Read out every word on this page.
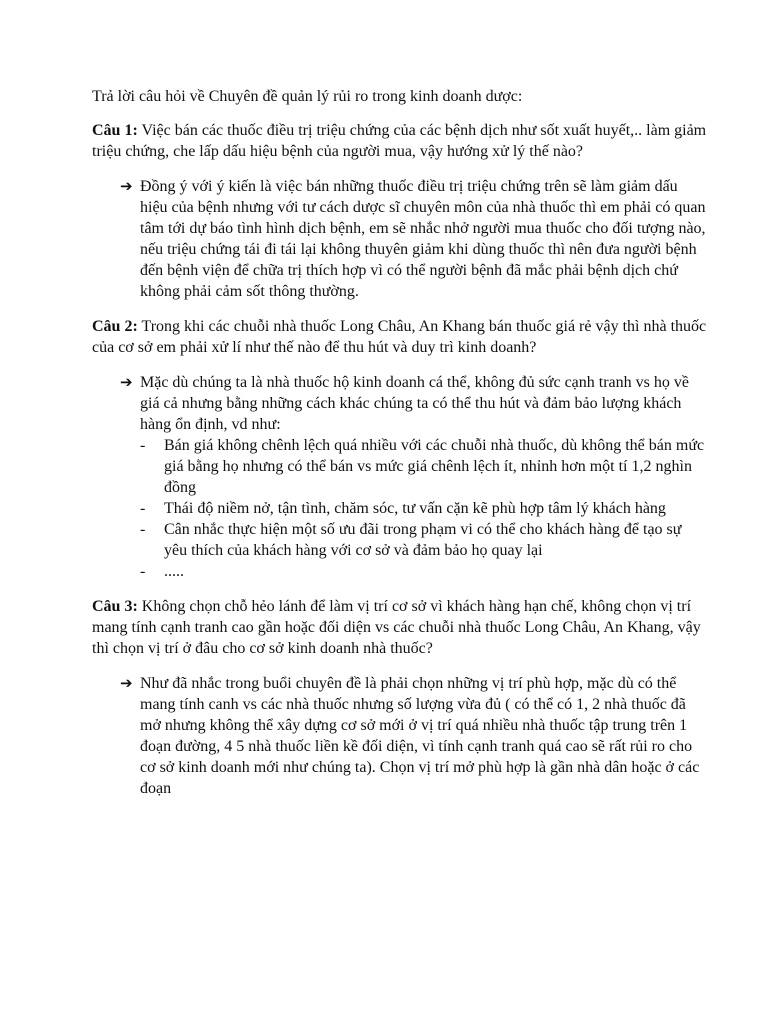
Trả lời câu hỏi về Chuyên đề quản lý rủi ro trong kinh doanh dược:

Câu 1: Việc bán các thuốc điều trị triệu chứng của các bệnh dịch như sốt xuất huyết,.. làm giảm triệu chứng, che lấp dấu hiệu bệnh của người mua, vậy hướng xử lý thế nào?

➔ Đồng ý với ý kiến là việc bán những thuốc điều trị triệu chứng trên sẽ làm giảm dấu hiệu của bệnh nhưng với tư cách dược sĩ chuyên môn của nhà thuốc thì em phải có quan tâm tới dự báo tình hình dịch bệnh, em sẽ nhắc nhở người mua thuốc cho đối tượng nào, nếu triệu chứng tái đi tái lại không thuyên giảm khi dùng thuốc thì nên đưa người bệnh đến bệnh viện để chữa trị thích hợp vì có thể người bệnh đã mắc phải bệnh dịch chứ không phải cảm sốt thông thường.

Câu 2: Trong khi các chuỗi nhà thuốc Long Châu, An Khang bán thuốc giá rẻ vậy thì nhà thuốc của cơ sở em phải xử lí như thế nào để thu hút và duy trì kinh doanh?

➔ Mặc dù chúng ta là nhà thuốc hộ kinh doanh cá thể, không đủ sức cạnh tranh vs họ về giá cả nhưng bằng những cách khác chúng ta có thể thu hút và đảm bảo lượng khách hàng ổn định, vd như:
- Bán giá không chênh lệch quá nhiều với các chuỗi nhà thuốc, dù không thể bán mức giá bằng họ nhưng có thể bán vs mức giá chênh lệch ít, nhỉnh hơn một tí 1,2 nghìn đồng
- Thái độ niềm nở, tận tình, chăm sóc, tư vấn cặn kẽ phù hợp tâm lý khách hàng
- Cân nhắc thực hiện một số ưu đãi trong phạm vi có thể cho khách hàng để tạo sự yêu thích của khách hàng với cơ sở và đảm bảo họ quay lại
- .....

Câu 3: Không chọn chỗ hẻo lánh để làm vị trí cơ sở vì khách hàng hạn chế, không chọn vị trí mang tính cạnh tranh cao gần hoặc đối diện vs các chuỗi nhà thuốc Long Châu, An Khang, vậy thì chọn vị trí ở đâu cho cơ sở kinh doanh nhà thuốc?

➔ Như đã nhắc trong buổi chuyên đề là phải chọn những vị trí phù hợp, mặc dù có thể mang tính canh vs các nhà thuốc nhưng số lượng vừa đủ ( có thể có 1, 2 nhà thuốc đã mở nhưng không thể xây dựng cơ sở mới ở vị trí quá nhiều nhà thuốc tập trung trên 1 đoạn đường, 4 5 nhà thuốc liền kề đối diện, vì tính cạnh tranh quá cao sẽ rất rủi ro cho cơ sở kinh doanh mới như chúng ta). Chọn vị trí mở phù hợp là gần nhà dân hoặc ở các đoạn
